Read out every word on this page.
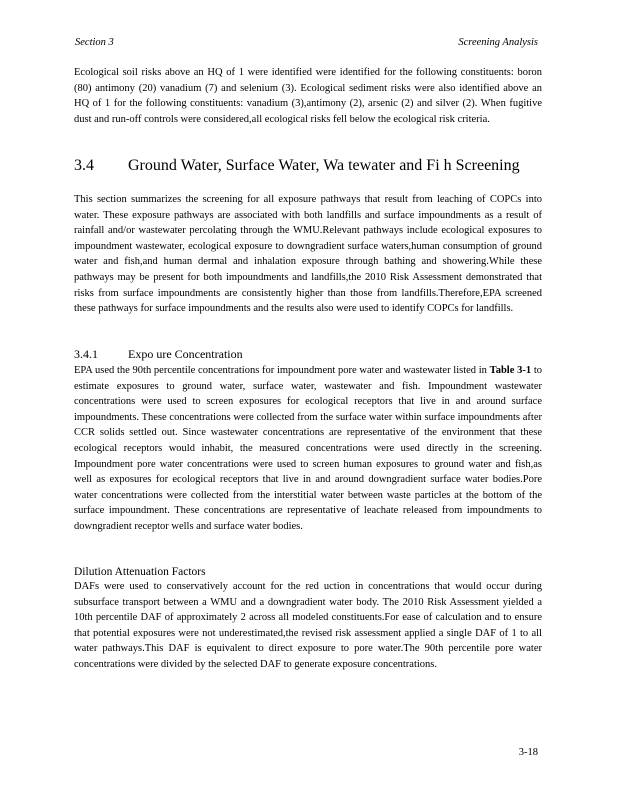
Section 3	Screening Analysis
Ecological soil risks above an HQ of 1 were identified were identified for the following constituents: boron (80) antimony (20) vanadium (7) and selenium (3). Ecological sediment risks were also identified above an HQ of 1 for the following constituents: vanadium (3),antimony (2), arsenic (2) and silver (2). When fugitive dust and run-off controls were considered,all ecological risks fell below the ecological risk criteria.
3.4 Ground Water, Surface Water, Wa tewater and Fi h Screening
This section summarizes the screening for all exposure pathways that result from leaching of COPCs into water. These exposure pathways are associated with both landfills and surface impoundments as a result of rainfall and/or wastewater percolating through the WMU.Relevant pathways include ecological exposures to impoundment wastewater, ecological exposure to downgradient surface waters,human consumption of ground water and fish,and human dermal and inhalation exposure through bathing and showering.While these pathways may be present for both impoundments and landfills,the 2010 Risk Assessment demonstrated that risks from surface impoundments are consistently higher than those from landfills.Therefore,EPA screened these pathways for surface impoundments and the results also were used to identify COPCs for landfills.
3.4.1	Expo ure Concentration
EPA used the 90th percentile concentrations for impoundment pore water and wastewater listed in Table 3-1 to estimate exposures to ground water, surface water, wastewater and fish. Impoundment wastewater concentrations were used to screen exposures for ecological receptors that live in and around surface impoundments. These concentrations were collected from the surface water within surface impoundments after CCR solids settled out. Since wastewater concentrations are representative of the environment that these ecological receptors would inhabit, the measured concentrations were used directly in the screening. Impoundment pore water concentrations were used to screen human exposures to ground water and fish,as well as exposures for ecological receptors that live in and around downgradient surface water bodies.Pore water concentrations were collected from the interstitial water between waste particles at the bottom of the surface impoundment. These concentrations are representative of leachate released from impoundments to downgradient receptor wells and surface water bodies.
Dilution Attenuation Factors
DAFs were used to conservatively account for the red uction in concentrations that would occur during subsurface transport between a WMU and a downgradient water body. The 2010 Risk Assessment yielded a 10th percentile DAF of approximately 2 across all modeled constituents.For ease of calculation and to ensure that potential exposures were not underestimated,the revised risk assessment applied a single DAF of 1 to all water pathways.This DAF is equivalent to direct exposure to pore water.The 90th percentile pore water concentrations were divided by the selected DAF to generate exposure concentrations.
3-18
